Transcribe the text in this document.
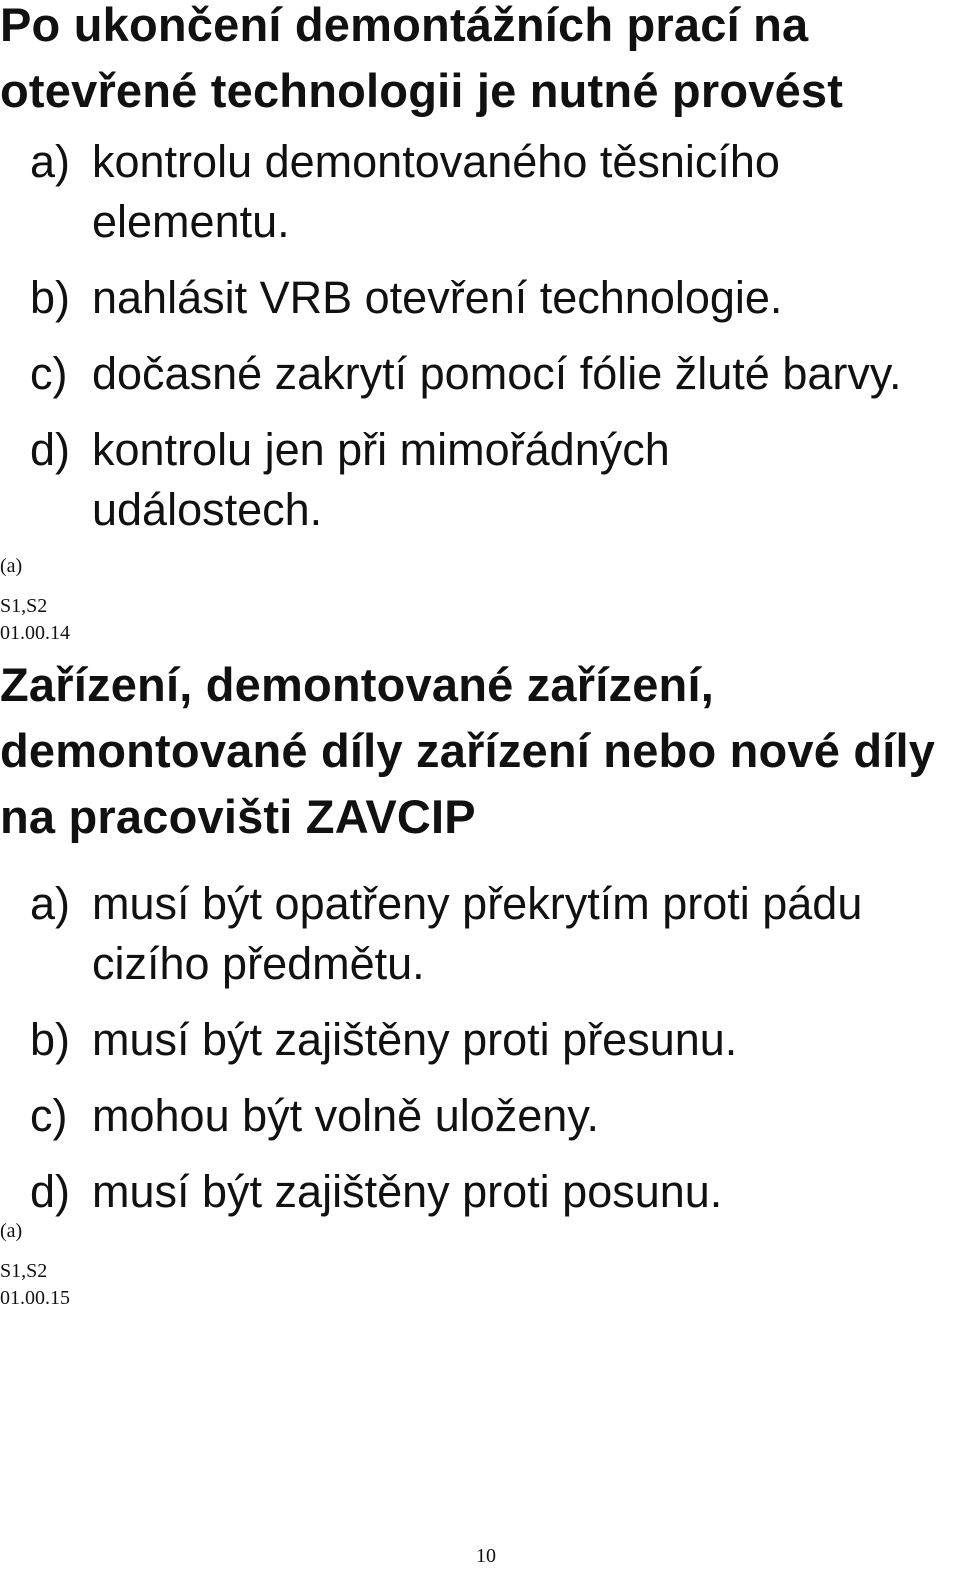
Po ukončení demontážních prací na otevřené technologii je nutné provést
a) kontrolu demontovaného těsnicího elementu.
b) nahlásit VRB otevření technologie.
c) dočasné zakrytí pomocí fólie žluté barvy.
d) kontrolu jen při mimořádných událostech.
(a)
S1,S2
01.00.14
Zařízení, demontované zařízení, demontované díly zařízení nebo nové díly na pracovišti ZAVCIP
a) musí být opatřeny překrytím proti pádu cizího předmětu.
b) musí být zajištěny proti přesunu.
c) mohou být volně uloženy.
d) musí být zajištěny proti posunu.
(a)
S1,S2
01.00.15
10
